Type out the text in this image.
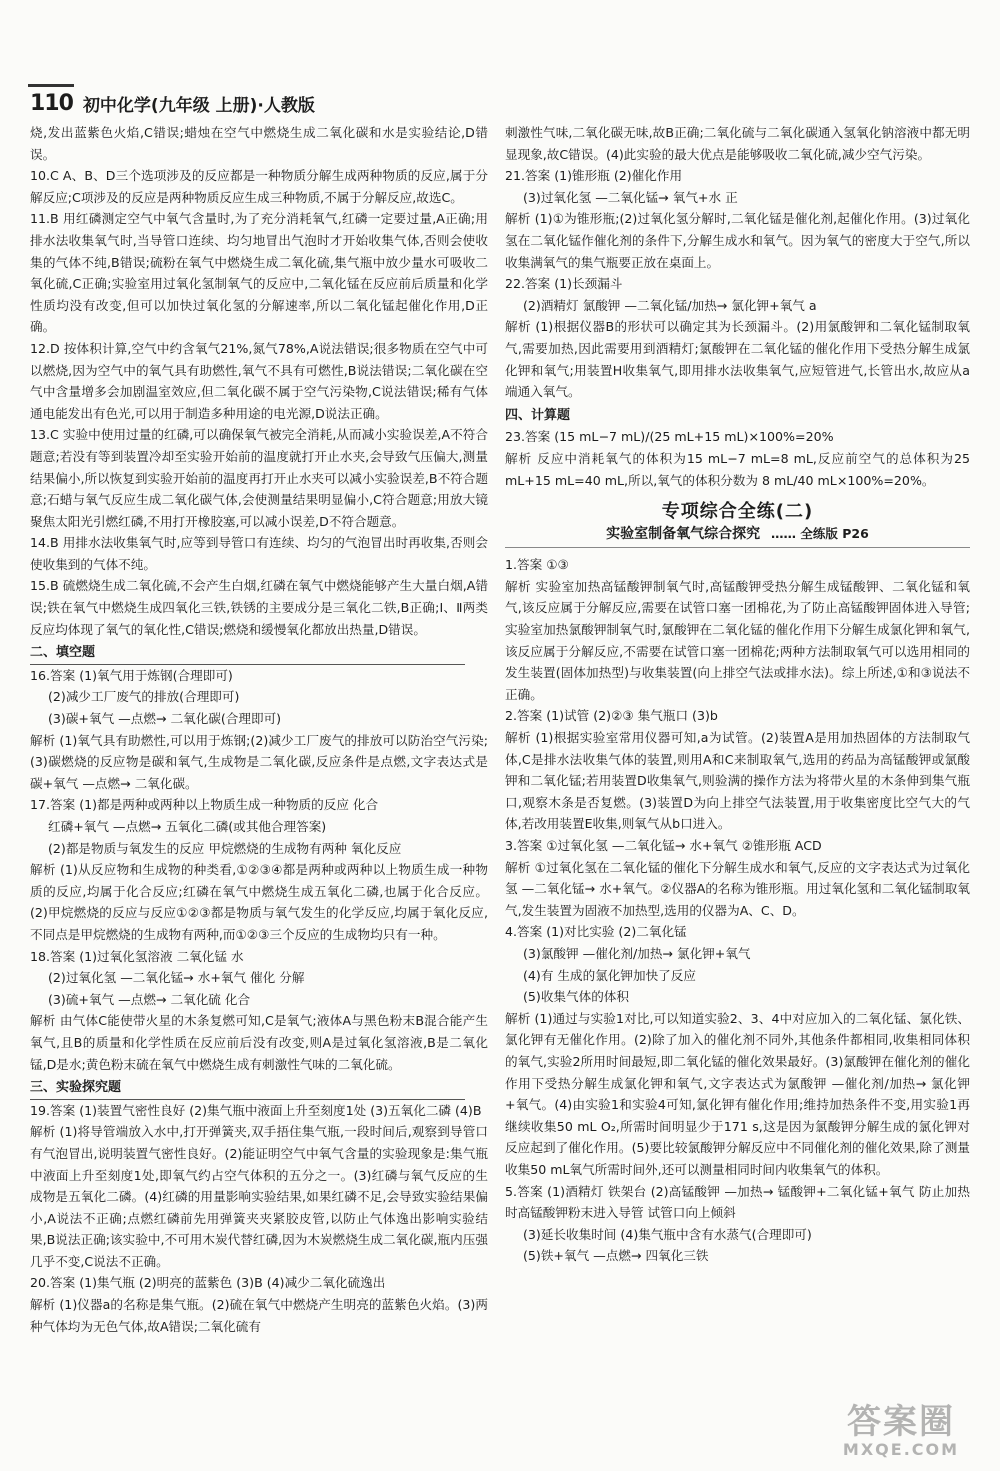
110 初中化学(九年级 上册)·人教版

烧,发出蓝紫色火焰,C错误;蜡烛在空气中燃烧生成二氧化碳和水是实验结论,D错误。

10.C A、B、D三个选项涉及的反应都是一种物质分解生成两种物质的反应,属于分解反应;C项涉及的反应是两种物质反应生成三种物质,不属于分解反应,故选C。

11.B 用红磷测定空气中氧气含量时,为了充分消耗氧气,红磷一定要过量,A正确;用排水法收集氧气时,当导管口连续、均匀地冒出气泡时才开始收集气体,否则会使收集的气体不纯,B错误;硫粉在氧气中燃烧生成二氧化硫,集气瓶中放少量水可吸收二氧化硫,C正确;实验室用过氧化氢制氧气的反应中,二氧化锰在反应前后质量和化学性质均没有改变,但可以加快过氧化氢的分解速率,所以二氧化锰起催化作用,D正确。

12.D 按体积计算,空气中约含氧气21%,氮气78%,A说法错误;很多物质在空气中可以燃烧,因为空气中的氧气具有助燃性,氧气不具有可燃性,B说法错误;二氧化碳在空气中含量增多会加剧温室效应,但二氧化碳不属于空气污染物,C说法错误;稀有气体通电能发出有色光,可以用于制造多种用途的电光源,D说法正确。

13.C 实验中使用过量的红磷,可以确保氧气被完全消耗,从而减小实验误差,A不符合题意;若没有等到装置冷却至实验开始前的温度就打开止水夹,会导致气压偏大,测量结果偏小,所以恢复到实验开始前的温度再打开止水夹可以减小实验误差,B不符合题意;石蜡与氧气反应生成二氧化碳气体,会使测量结果明显偏小,C符合题意;用放大镜聚焦太阳光引燃红磷,不用打开橡胶塞,可以减小误差,D不符合题意。

14.B 用排水法收集氧气时,应等到导管口有连续、均匀的气泡冒出时再收集,否则会使收集到的气体不纯。

15.B 硫燃烧生成二氧化硫,不会产生白烟,红磷在氧气中燃烧能够产生大量白烟,A错误;铁在氧气中燃烧生成四氧化三铁,铁锈的主要成分是三氧化二铁,B正确;Ⅰ、Ⅱ两类反应均体现了氧气的氧化性,C错误;燃烧和缓慢氧化都放出热量,D错误。

二、填空题

16.答案 (1)氧气用于炼钢(合理即可)

(2)减少工厂废气的排放(合理即可)

(3)碳+氧气 —点燃→ 二氧化碳(合理即可)

解析 (1)氧气具有助燃性,可以用于炼钢;(2)减少工厂废气的排放可以防治空气污染;(3)碳燃烧的反应物是碳和氧气,生成物是二氧化碳,反应条件是点燃,文字表达式是碳+氧气 —点燃→ 二氧化碳。

17.答案 (1)都是两种或两种以上物质生成一种物质的反应 化合

红磷+氧气 —点燃→ 五氧化二磷(或其他合理答案)

(2)都是物质与氧发生的反应 甲烷燃烧的生成物有两种 氧化反应

解析 (1)从反应物和生成物的种类看,①②③④都是两种或两种以上物质生成一种物质的反应,均属于化合反应;红磷在氧气中燃烧生成五氧化二磷,也属于化合反应。(2)甲烷燃烧的反应与反应①②③都是物质与氧气发生的化学反应,均属于氧化反应,不同点是甲烷燃烧的生成物有两种,而①②③三个反应的生成物均只有一种。

18.答案 (1)过氧化氢溶液 二氧化锰 水

(2)过氧化氢 —二氧化锰→ 水+氧气 催化 分解

(3)硫+氧气 —点燃→ 二氧化硫 化合

解析 由气体C能使带火星的木条复燃可知,C是氧气;液体A与黑色粉末B混合能产生氧气,且B的质量和化学性质在反应前后没有改变,则A是过氧化氢溶液,B是二氧化锰,D是水;黄色粉末硫在氧气中燃烧生成有刺激性气味的二氧化硫。

三、实验探究题

19.答案 (1)装置气密性良好 (2)集气瓶中液面上升至刻度1处 (3)五氧化二磷 (4)B

解析 (1)将导管端放入水中,打开弹簧夹,双手捂住集气瓶,一段时间后,观察到导管口有气泡冒出,说明装置气密性良好。(2)能证明空气中氧气含量的实验现象是:集气瓶中液面上升至刻度1处,即氧气约占空气体积的五分之一。(3)红磷与氧气反应的生成物是五氧化二磷。(4)红磷的用量影响实验结果,如果红磷不足,会导致实验结果偏小,A说法不正确;点燃红磷前先用弹簧夹夹紧胶皮管,以防止气体逸出影响实验结果,B说法正确;该实验中,不可用木炭代替红磷,因为木炭燃烧生成二氧化碳,瓶内压强几乎不变,C说法不正确。

20.答案 (1)集气瓶 (2)明亮的蓝紫色 (3)B (4)减少二氧化硫逸出

解析 (1)仪器a的名称是集气瓶。(2)硫在氧气中燃烧产生明亮的蓝紫色火焰。(3)两种气体均为无色气体,故A错误;二氧化硫有

刺激性气味,二氧化碳无味,故B正确;二氧化硫与二氧化碳通入氢氧化钠溶液中都无明显现象,故C错误。(4)此实验的最大优点是能够吸收二氧化硫,减少空气污染。

21.答案 (1)锥形瓶 (2)催化作用

(3)过氧化氢 —二氧化锰→ 氧气+水 正

解析 (1)①为锥形瓶;(2)过氧化氢分解时,二氧化锰是催化剂,起催化作用。(3)过氧化氢在二氧化锰作催化剂的条件下,分解生成水和氧气。因为氧气的密度大于空气,所以收集满氧气的集气瓶要正放在桌面上。

22.答案 (1)长颈漏斗

(2)酒精灯 氯酸钾 —二氧化锰/加热→ 氯化钾+氧气 a

解析 (1)根据仪器B的形状可以确定其为长颈漏斗。(2)用氯酸钾和二氧化锰制取氧气,需要加热,因此需要用到酒精灯;氯酸钾在二氧化锰的催化作用下受热分解生成氯化钾和氧气;用装置H收集氧气,即用排水法收集氧气,应短管进气,长管出水,故应从a端通入氧气。

四、计算题

23.答案 (15 mL−7 mL)/(25 mL+15 mL)×100%=20%

解析 反应中消耗氧气的体积为15 mL−7 mL=8 mL,反应前空气的总体积为25 mL+15 mL=40 mL,所以,氧气的体积分数为 8 mL/40 mL×100%=20%。

专项综合全练(二)

实验室制备氧气综合探究 …… 全练版 P26

1.答案 ①③

解析 实验室加热高锰酸钾制氧气时,高锰酸钾受热分解生成锰酸钾、二氧化锰和氧气,该反应属于分解反应,需要在试管口塞一团棉花,为了防止高锰酸钾固体进入导管;实验室加热氯酸钾制氧气时,氯酸钾在二氧化锰的催化作用下分解生成氯化钾和氧气,该反应属于分解反应,不需要在试管口塞一团棉花;两种方法制取氧气可以选用相同的发生装置(固体加热型)与收集装置(向上排空气法或排水法)。综上所述,①和③说法不正确。

2.答案 (1)试管 (2)②③ 集气瓶口 (3)b

解析 (1)根据实验室常用仪器可知,a为试管。(2)装置A是用加热固体的方法制取气体,C是排水法收集气体的装置,则用A和C来制取氧气,选用的药品为高锰酸钾或氯酸钾和二氧化锰;若用装置D收集氧气,则验满的操作方法为将带火星的木条伸到集气瓶口,观察木条是否复燃。(3)装置D为向上排空气法装置,用于收集密度比空气大的气体,若改用装置E收集,则氧气从b口进入。

3.答案 ①过氧化氢 —二氧化锰→ 水+氧气 ②锥形瓶 ACD

解析 ①过氧化氢在二氧化锰的催化下分解生成水和氧气,反应的文字表达式为过氧化氢 —二氧化锰→ 水+氧气。②仪器A的名称为锥形瓶。用过氧化氢和二氧化锰制取氧气,发生装置为固液不加热型,选用的仪器为A、C、D。

4.答案 (1)对比实验 (2)二氧化锰

(3)氯酸钾 —催化剂/加热→ 氯化钾+氧气

(4)有 生成的氯化钾加快了反应

(5)收集气体的体积

解析 (1)通过与实验1对比,可以知道实验2、3、4中对应加入的二氧化锰、氯化铁、氯化钾有无催化作用。(2)除了加入的催化剂不同外,其他条件都相同,收集相同体积的氧气,实验2所用时间最短,即二氧化锰的催化效果最好。(3)氯酸钾在催化剂的催化作用下受热分解生成氯化钾和氧气,文字表达式为氯酸钾 —催化剂/加热→ 氯化钾+氧气。(4)由实验1和实验4可知,氯化钾有催化作用;维持加热条件不变,用实验1再继续收集50 mL O₂,所需时间明显少于171 s,这是因为氯酸钾分解生成的氯化钾对反应起到了催化作用。(5)要比较氯酸钾分解反应中不同催化剂的催化效果,除了测量收集50 mL氧气所需时间外,还可以测量相同时间内收集氧气的体积。

5.答案 (1)酒精灯 铁架台 (2)高锰酸钾 —加热→ 锰酸钾+二氧化锰+氧气 防止加热时高锰酸钾粉末进入导管 试管口向上倾斜

(3)延长收集时间 (4)集气瓶中含有水蒸气(合理即可)

(5)铁+氧气 —点燃→ 四氧化三铁

答案圈
MXQE.COM
